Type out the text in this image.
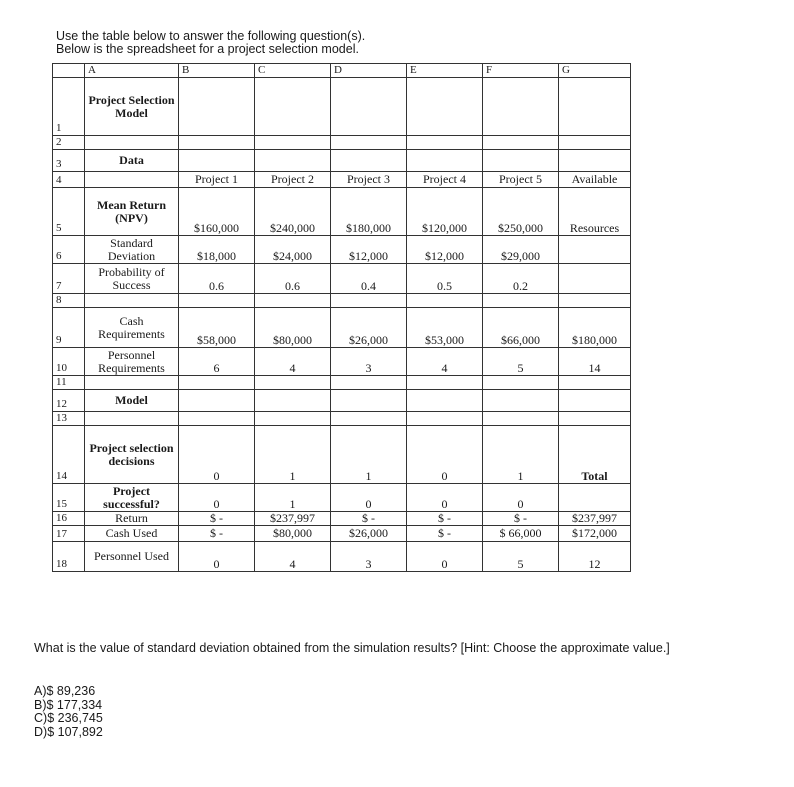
Use the table below to answer the following question(s).
Below is the spreadsheet for a project selection model.
	A	B	C	D	E	F	G
1	Project Selection Model						
2							
3	Data						
4		Project 1	Project 2	Project 3	Project 4	Project 5	Available
5	Mean Return (NPV)	$160,000	$240,000	$180,000	$120,000	$250,000	Resources
6	Standard Deviation	$18,000	$24,000	$12,000	$12,000	$29,000	
7	Probability of Success	0.6	0.6	0.4	0.5	0.2	
8							
9	Cash Requirements	$58,000	$80,000	$26,000	$53,000	$66,000	$180,000
10	Personnel Requirements	6	4	3	4	5	14
11							
12	Model						
13							
14	Project selection decisions	0	1	1	0	1	Total
15	Project successful?	0	1	0	0	0	
16	Return	$ -	$237,997	$ -	$ -	$ -	$237,997
17	Cash Used	$ -	$80,000	$26,000	$ -	$ 66,000	$172,000
18	Personnel Used	0	4	3	0	5	12
What is the value of standard deviation obtained from the simulation results? [Hint: Choose the approximate value.]
A)$ 89,236
B)$ 177,334
C)$ 236,745
D)$ 107,892
